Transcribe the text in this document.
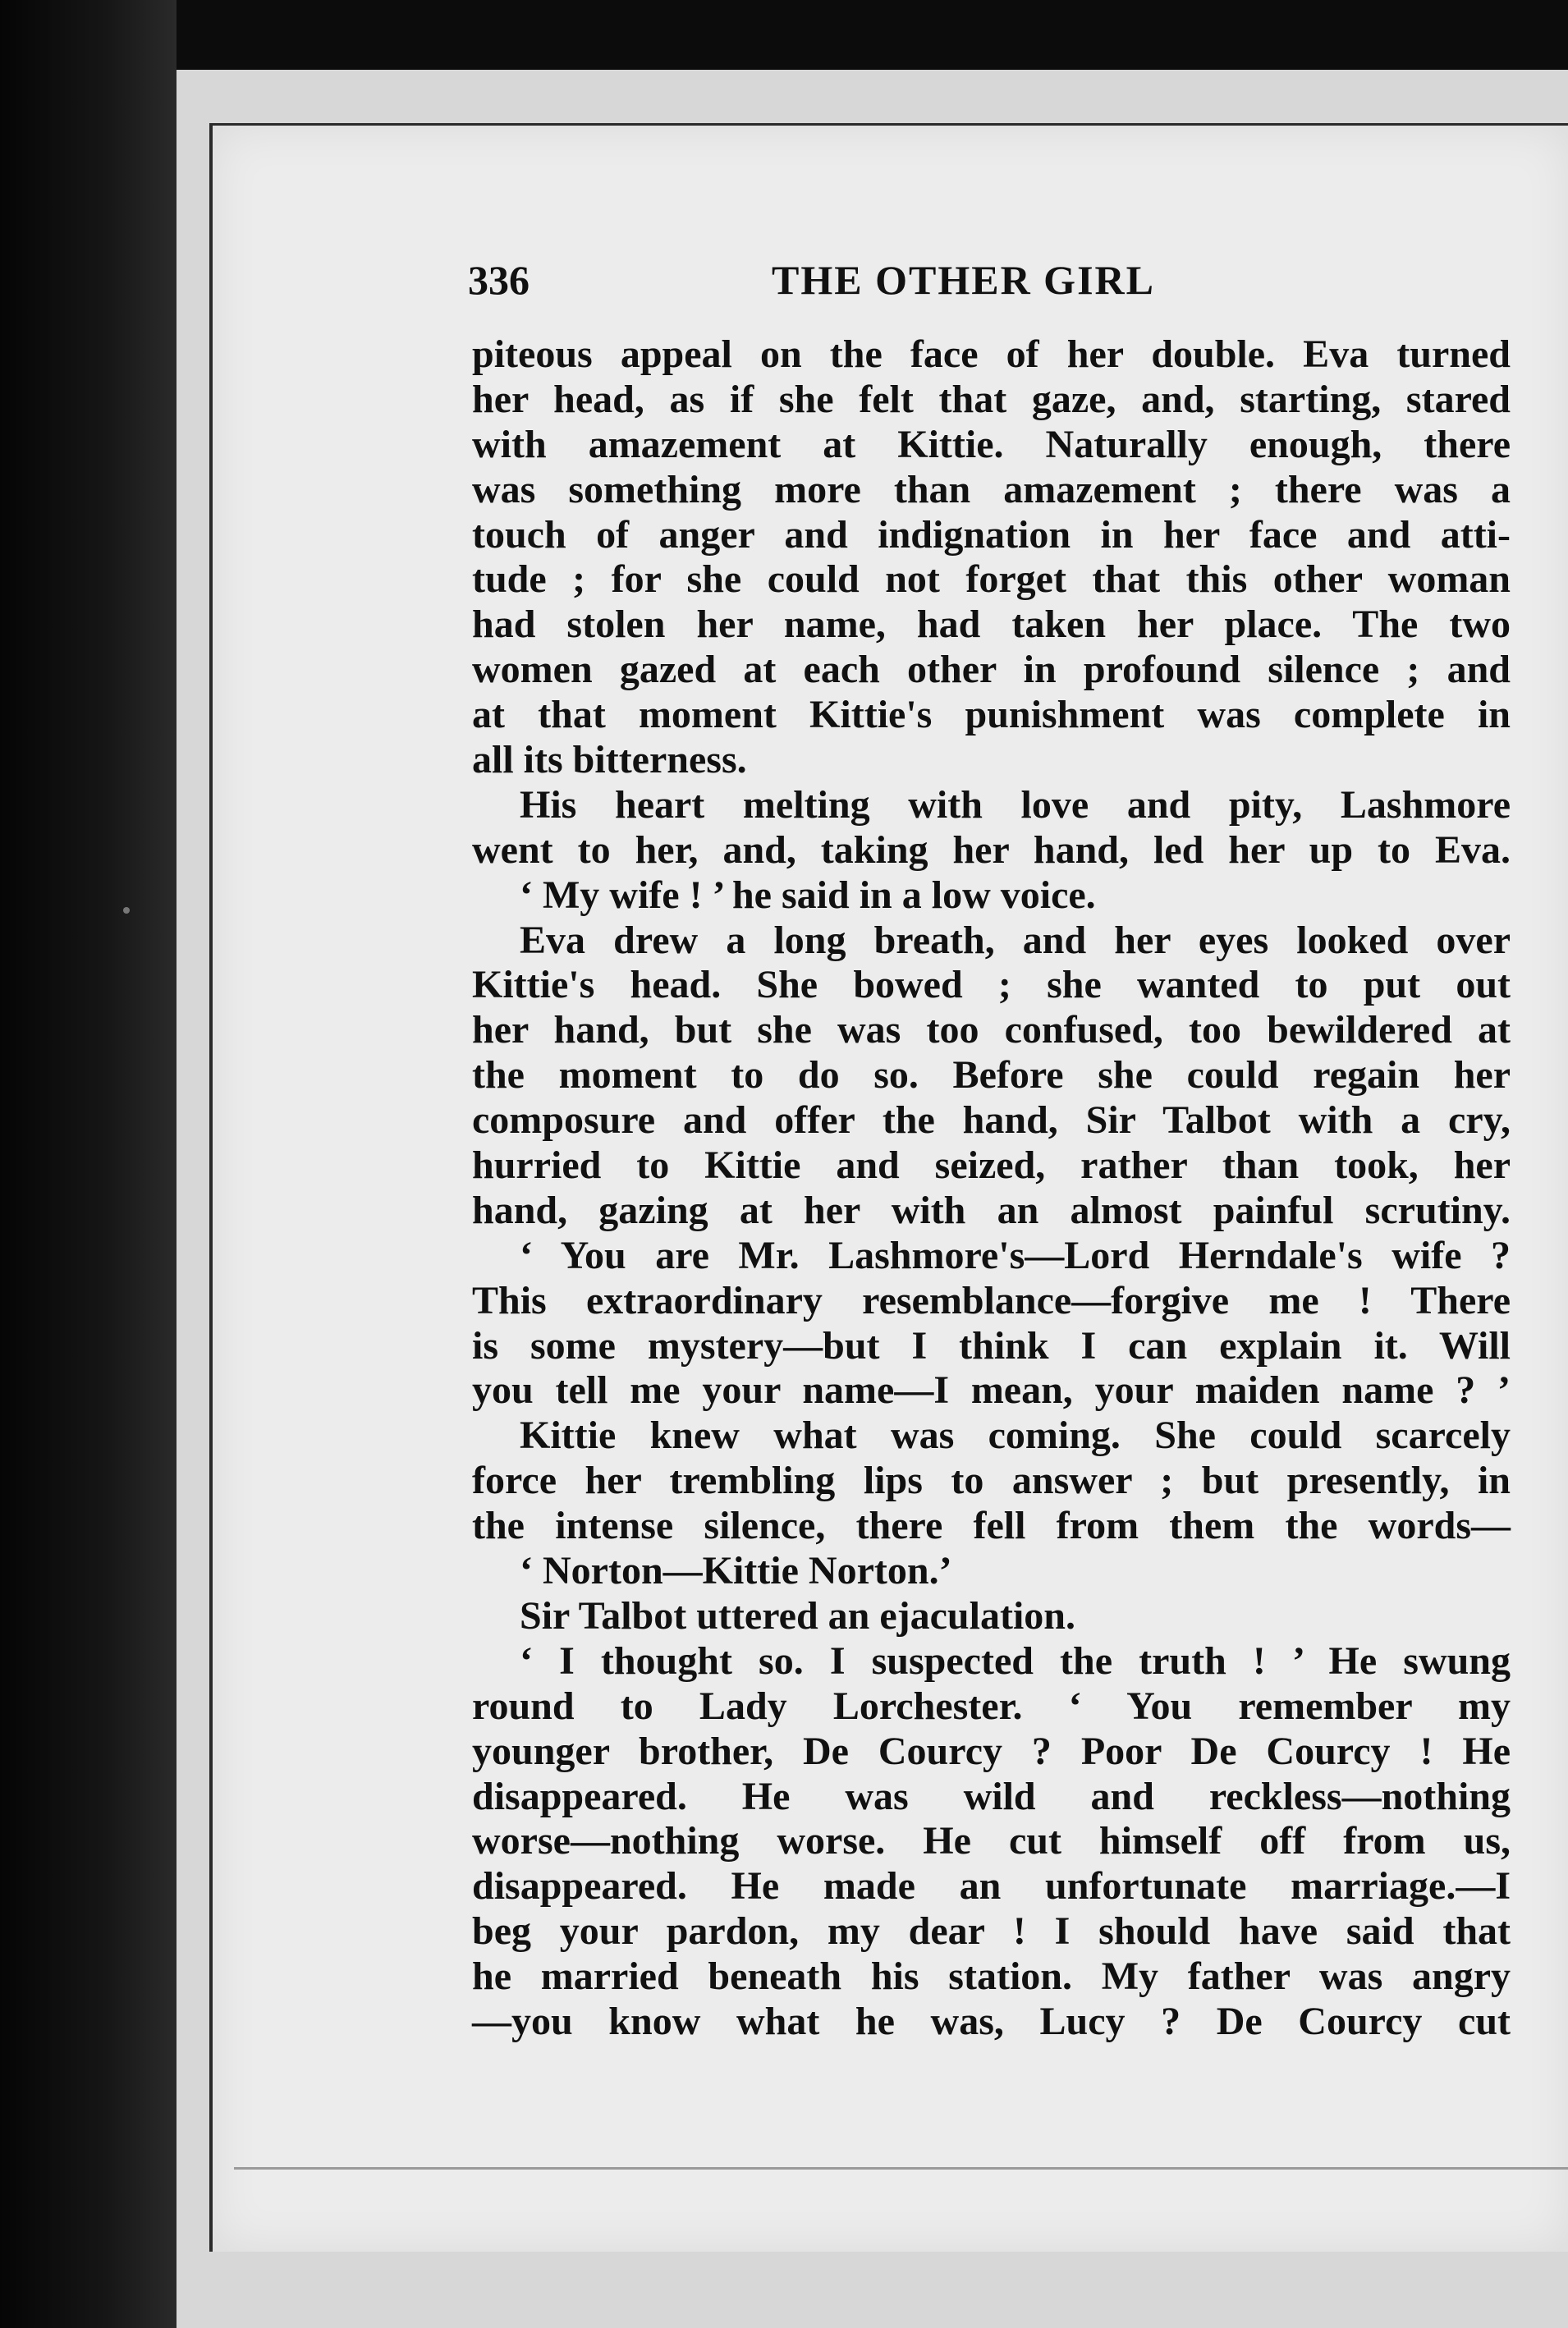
336	THE OTHER GIRL
piteous appeal on the face of her double. Eva turned
her head, as if she felt that gaze, and, starting, stared
with amazement at Kittie. Naturally enough, there
was something more than amazement ; there was a
touch of anger and indignation in her face and atti-
tude ; for she could not forget that this other woman
had stolen her name, had taken her place. The two
women gazed at each other in profound silence ; and
at that moment Kittie's punishment was complete in
all its bitterness.
His heart melting with love and pity, Lashmore
went to her, and, taking her hand, led her up to Eva.
‘ My wife ! ’ he said in a low voice.
Eva drew a long breath, and her eyes looked over
Kittie's head. She bowed ; she wanted to put out
her hand, but she was too confused, too bewildered at
the moment to do so. Before she could regain her
composure and offer the hand, Sir Talbot with a cry,
hurried to Kittie and seized, rather th⁠a⁠n took, her
hand, gazing at her with an almost painful scrutiny.
‘ You are Mr. Lashmore's—Lord Herndale's wife ?
This extraordinary resemblance—forgive me ! There
is some mystery—but I think I can explain it. Will
you tell me your name—I mean, your maiden name ? ’
Kittie knew what was coming. She could scarcely
force her trembling lips to answer ; but presently, in
the intense silence, there fell from them the words—
‘ Norton—Kittie Norton.’
Sir Talbot uttered an ejaculation.
‘ I thought so. I suspected the truth ! ’ He swung
round to Lady Lorchester. ‘ You remember my
younger brother, De Courcy ? Poor De Courcy ! He
disappeared. He was wild and reckless—nothing
worse—nothing worse. He cut himself off from us,
disappeared. He made an unfortunate marriage.—I
beg your pardon, my dear ! I should have said that
he married beneath his station. My father was angry
—you know what he was, Lucy ? De Courcy cut
